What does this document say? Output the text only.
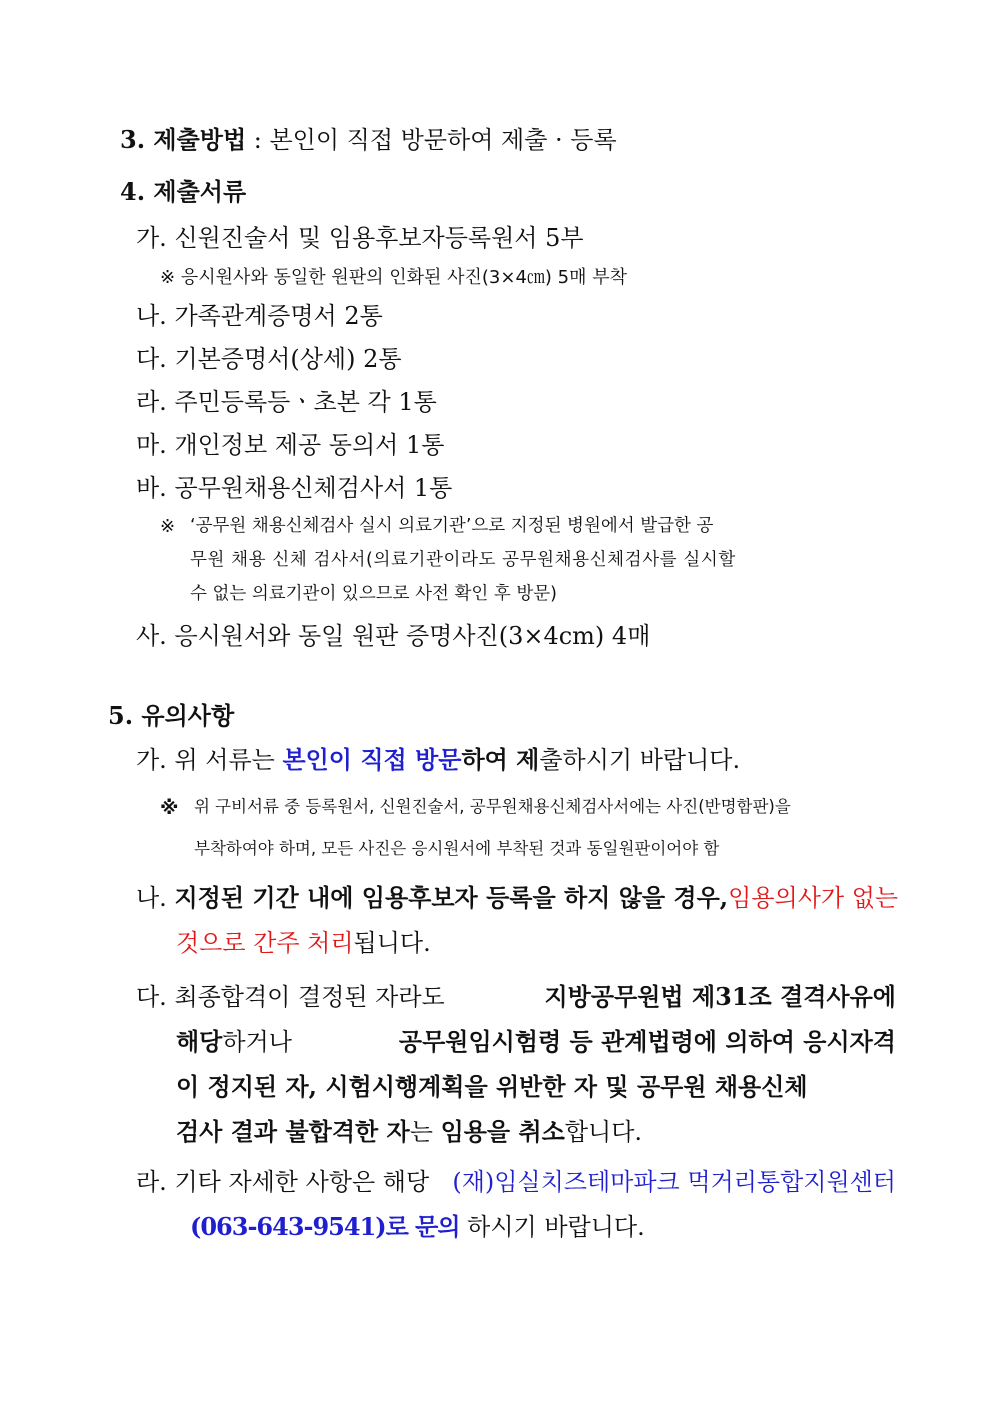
3. 제출방법 : 본인이 직접 방문하여 제출 · 등록
4. 제출서류
가. 신원진술서 및 임용후보자등록원서 5부
※ 응시원사와 동일한 원판의 인화된 사진(3×4㎝) 5매 부착
나. 가족관계증명서 2통
다. 기본증명서(상세) 2통
라. 주민등록등ㆍ초본 각 1통
마. 개인정보 제공 동의서 1통
바. 공무원채용신체검사서 1통
※ ‘공무원 채용신체검사 실시 의료기관’으로 지정된 병원에서 발급한 공
무원 채용 신체 검사서(의료기관이라도 공무원채용신체검사를 실시할
수 없는 의료기관이 있으므로 사전 확인 후 방문)
사. 응시원서와 동일 원판 증명사진(3×4cm) 4매
5. 유의사항
가. 위 서류는 본인이 직접 방문하여 제출하시기 바랍니다.
※ 위 구비서류 중 등록원서, 신원진술서, 공무원채용신체검사서에는 사진(반명함판)을
부착하여야 하며, 모든 사진은 응시원서에 부착된 것과 동일원판이어야 함
나. 지정된 기간 내에 임용후보자 등록을 하지 않을 경우, 임용의사가 없는
것으로 간주 처리됩니다.
다. 최종합격이 결정된 자라도	지방공무원법 제31조 결격사유에
해당하거나	공무원임시험령 등 관계법령에 의하여 응시자격
이 정지된 자, 시험시행계획을 위반한 자 및 공무원 채용신체
검사 결과 불합격한 자는 임용을 취소합니다.
라. 기타 자세한 사항은 해당 (재)임실치즈테마파크 먹거리통합지원센터
(063-643-9541)로 문의 하시기 바랍니다.
